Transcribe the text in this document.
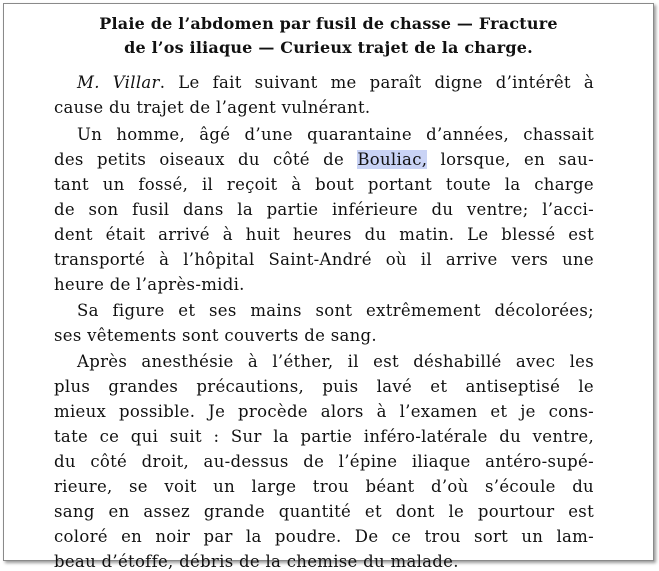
Plaie de l’abdomen par fusil de chasse — Fracture
de l’os iliaque — Curieux trajet de la charge.
M. Villar. Le fait suivant me paraît digne d’intérêt à
cause du trajet de l’agent vulnérant.
Un homme, âgé d’une quarantaine d’années, chassait
des petits oiseaux du côté de Bouliac, lorsque, en sau-
tant un fossé, il reçoit à bout portant toute la charge
de son fusil dans la partie inférieure du ventre; l’acci-
dent était arrivé à huit heures du matin. Le blessé est
transporté à l’hôpital Saint-André où il arrive vers une
heure de l’après-midi.
Sa figure et ses mains sont extrêmement décolorées;
ses vêtements sont couverts de sang.
Après anesthésie à l’éther, il est déshabillé avec les
plus grandes précautions, puis lavé et antiseptisé le
mieux possible. Je procède alors à l’examen et je cons-
tate ce qui suit : Sur la partie inféro-latérale du ventre,
du côté droit, au-dessus de l’épine iliaque antéro-supé-
rieure, se voit un large trou béant d’où s’écoule du
sang en assez grande quantité et dont le pourtour est
coloré en noir par la poudre. De ce trou sort un lam-
beau d’étoffe, débris de la chemise du malade.
